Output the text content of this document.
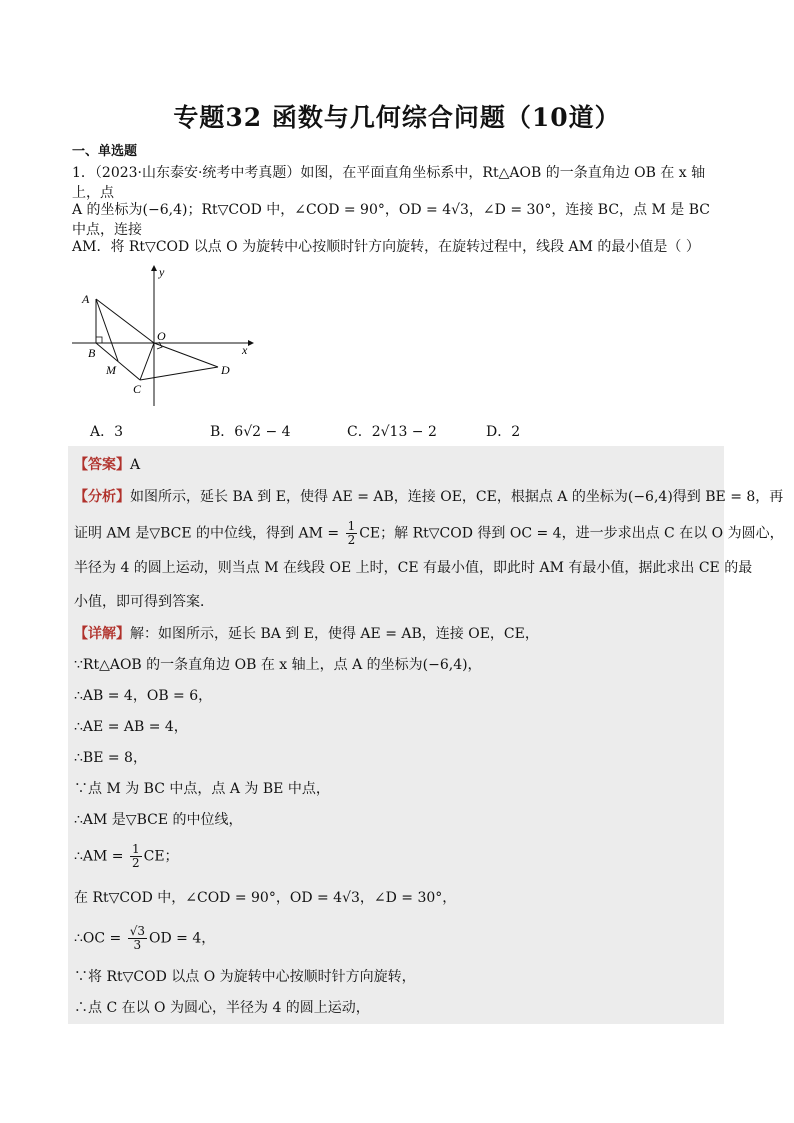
专题32 函数与几何综合问题（10道）
一、单选题
1．（2023·山东泰安·统考中考真题）如图，在平面直角坐标系中，Rt△AOB 的一条直角边 OB 在 x 轴上，点
A 的坐标为(−6,4)；Rt▽COD 中，∠COD = 90°，OD = 4√3，∠D = 30°，连接 BC，点 M 是 BC 中点，连接
AM．将 Rt▽COD 以点 O 为旋转中心按顺时针方向旋转，在旋转过程中，线段 AM 的最小值是（ ）
A
B
O
M
C
D
x
y
A．3	B．6√2 − 4	C．2√13 − 2	D．2
【答案】A
【分析】如图所示，延长 BA 到 E，使得 AE = AB，连接 OE，CE，根据点 A 的坐标为(−6,4)得到 BE = 8，再
证明 AM 是▽BCE 的中位线，得到 AM = $\frac{1}{2}$ CE；解 Rt▽COD 得到 OC = 4，进一步求出点 C 在以 O 为圆心，
半径为 4 的圆上运动，则当点 M 在线段 OE 上时，CE 有最小值，即此时 AM 有最小值，据此求出 CE 的最
小值，即可得到答案．
【详解】解：如图所示，延长 BA 到 E，使得 AE = AB，连接 OE，CE，
∵Rt△AOB 的一条直角边 OB 在 x 轴上，点 A 的坐标为(−6,4)，
∴AB = 4，OB = 6，
∴AE = AB = 4，
∴BE = 8，
∵点 M 为 BC 中点，点 A 为 BE 中点，
∴AM 是▽BCE 的中位线，
∴AM = $\frac{1}{2}$ CE；
在 Rt▽COD 中，∠COD = 90°，OD = 4√3，∠D = 30°，
∴OC = $\frac{√3}{3}$ OD = 4，
∵将 Rt▽COD 以点 O 为旋转中心按顺时针方向旋转，
∴点 C 在以 O 为圆心，半径为 4 的圆上运动，
